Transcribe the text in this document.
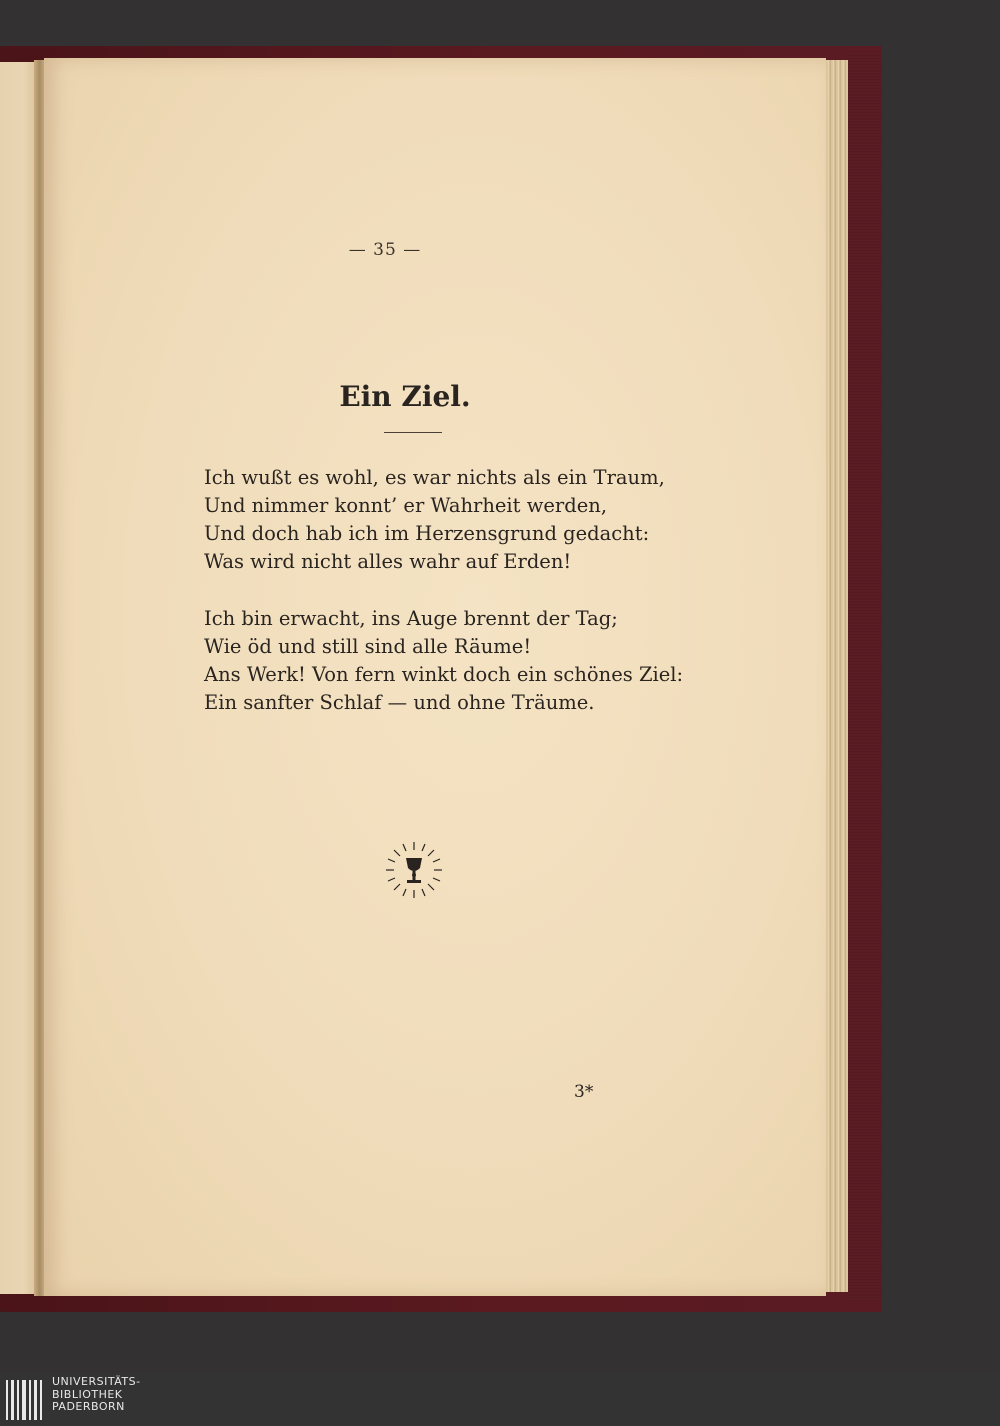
— 35 —
Ein Ziel.
Ich wußt es wohl, es war nichts als ein Traum,
Und nimmer konnt’ er Wahrheit werden,
Und doch hab ich im Herzensgrund gedacht:
Was wird nicht alles wahr auf Erden!
Ich bin erwacht, ins Auge brennt der Tag;
Wie öd und still sind alle Räume!
Ans Werk! Von fern winkt doch ein schönes Ziel:
Ein sanfter Schlaf — und ohne Träume.
3*
UNIVERSITÄTS-
BIBLIOTHEK
PADERBORN
